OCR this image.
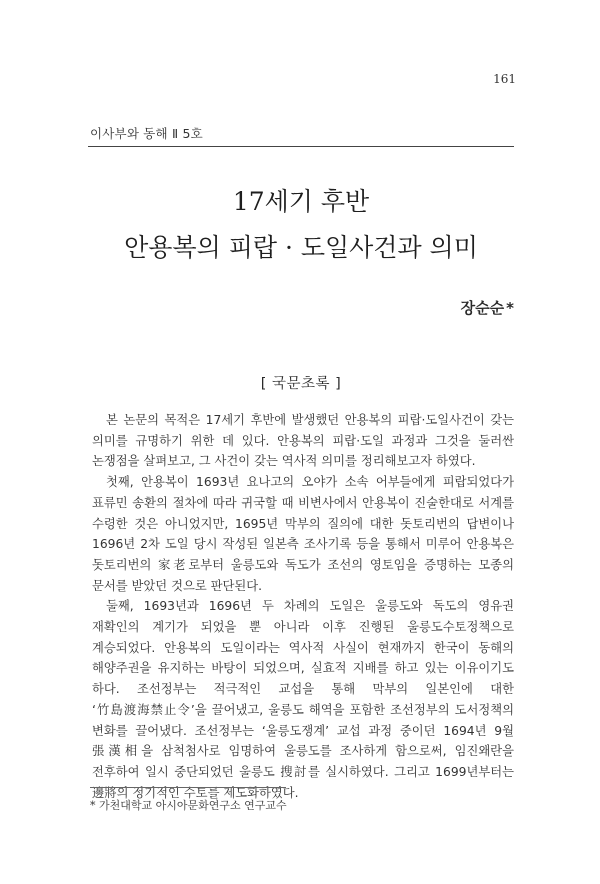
161
이사부와 동해 Ⅱ 5호
17세기 후반
안용복의 피랍 · 도일사건과 의미
장순순 *
[ 국문초록 ]

본 논문의 목적은 17세기 후반에 발생했던 안용복의 피랍·도일사건이 갖는 의미를 규명하기 위한 데 있다. 안용복의 피랍·도일 과정과 그것을 둘러싼 논쟁점을 살펴보고, 그 사건이 갖는 역사적 의미를 정리해보고자 하였다.

첫째, 안용복이 1693년 요나고의 오야가 소속 어부들에게 피랍되었다가 표류민 송환의 절차에 따라 귀국할 때 비변사에서 안용복이 진술한대로 서계를 수령한 것은 아니었지만, 1695년 막부의 질의에 대한 돗토리번의 답변이나 1696년 2차 도일 당시 작성된 일본측 조사기록 등을 통해서 미루어 안용복은 돗토리번의 家老로부터 울릉도와 독도가 조선의 영토임을 증명하는 모종의 문서를 받았던 것으로 판단된다.

둘째, 1693년과 1696년 두 차례의 도일은 울릉도와 독도의 영유권 재확인의 계기가 되었을 뿐 아니라 이후 진행된 울릉도수토정책으로 계승되었다. 안용복의 도일이라는 역사적 사실이 현재까지 한국이 동해의 해양주권을 유지하는 바탕이 되었으며, 실효적 지배를 하고 있는 이유이기도 하다. 조선정부는 적극적인 교섭을 통해 막부의 일본인에 대한 ‘竹島渡海禁止令’을 끌어냈고, 울릉도 해역을 포함한 조선정부의 도서정책의 변화를 끌어냈다. 조선정부는 ‘울릉도쟁계’ 교섭 과정 중이던 1694년 9월 張漢相을 삼척첨사로 임명하여 울릉도를 조사하게 함으로써, 임진왜란을 전후하여 일시 중단되었던 울릉도 搜討를 실시하였다. 그리고 1699년부터는 邊將의 정기적인 수토를 제도화하였다.

* 가천대학교 아시아문화연구소 연구교수
